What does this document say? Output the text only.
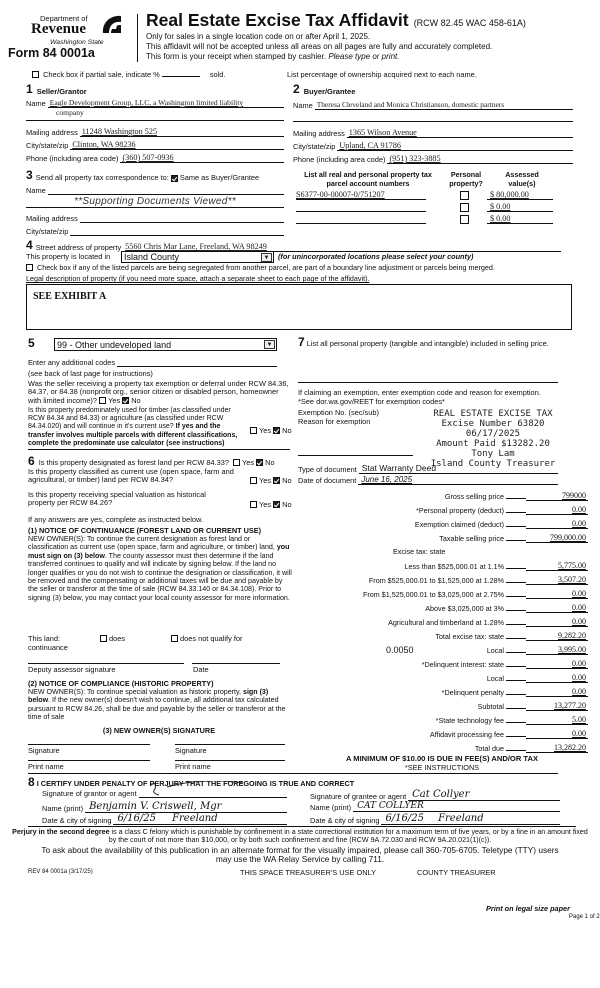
Department of
Revenue
Washington State
Form 84 0001a
Real Estate Excise Tax Affidavit (RCW 82.45 WAC 458-61A)
Only for sales in a single location code on or after April 1, 2025.
This affidavit will not be accepted unless all areas on all pages are fully and accurately completed.
This form is your receipt when stamped by cashier. Please type or print.
Check box if partial sale, indicate %	sold.	List percentage of ownership acquired next to each name.
1 Seller/Grantor
Name Eagle Development Group, LLC, a Washington limited liability
company
Mailing address 11248 Washington 525
City/state/zip Clinton, WA 98236
Phone (including area code) (360) 507-0936
3 Send all property tax correspondence to: Same as Buyer/Grantee
Name
**Supporting Documents Viewed**
Mailing address
City/state/zip
2 Buyer/Grantee
Name Theresa Cleveland and Monica Christianson, domestic partners
Mailing address 1365 Wilson Avenue
City/state/zip Upland, CA 91786
Phone (including area code) (951) 323-3885
List all real and personal property tax parcel account numbers
Personal property?
Assessed value(s)
S6377-00-00007-0/751207	$ 80,000.00
$ 0.00
$ 0.00
4 Street address of property 5560 Chris Mar Lane, Freeland, WA 98249
This property is located in Island County	▼	(for unincorporated locations please select your county)
Check box if any of the listed parcels are being segregated from another parcel, are part of a boundary line adjustment or parcels being merged.
Legal description of property (if you need more space, attach a separate sheet to each page of the affidavit).
SEE EXHIBIT A
5 99 - Other undeveloped land	▼
Enter any additional codes
(see back of last page for instructions)
Was the seller receiving a property tax exemption or deferral under RCW 84.36, 84.37, or 84.38 (nonprofit org., senior citizen or disabled person, homeowner with limited income)? Yes No
Is this property predominately used for timber (as classified under RCW 84.34 and 84.33) or agriculture (as classified under RCW 84.34.020) and will continue in it's current use? If yes and the transfer involves multiple parcels with different classifications, complete the predominate use calculator (see instructions)
Yes No
6 Is this property designated as forest land per RCW 84.33? Yes No
Is this property classified as current use (open space, farm and agricultural, or timber) land per RCW 84.34?	Yes No
Is this property receiving special valuation as historical property per RCW 84.26?	Yes No
If any answers are yes, complete as instructed below.
(1) NOTICE OF CONTINUANCE (FOREST LAND OR CURRENT USE)
NEW OWNER(S): To continue the current designation as forest land or classification as current use (open space, farm and agriculture, or timber) land, you must sign on (3) below. The county assessor must then determine if the land transferred continues to qualify and will indicate by signing below. If the land no longer qualifies or you do not wish to continue the designation or classification, it will be removed and the compensating or additional taxes will be due and payable by the seller or transferor at the time of sale (RCW 84.33.140 or 84.34.108). Prior to signing (3) below, you may contact your local county assessor for more information.
This land:	does	does not qualify for
continuance
Deputy assessor signature	Date
(2) NOTICE OF COMPLIANCE (HISTORIC PROPERTY)
NEW OWNER(S): To continue special valuation as historic property, sign (3) below. If the new owner(s) doesn't wish to continue, all additional tax calculated pursuant to RCW 84.26, shall be due and payable by the seller or transferor at the time of sale
(3) NEW OWNER(S) SIGNATURE
Signature	Signature
Print name	Print name
7 List all personal property (tangible and intangible) included in selling price.
If claiming an exemption, enter exemption code and reason for exemption. *See dor.wa.gov/REET for exemption codes*
Exemption No. (sec/sub)
Reason for exemption
REAL ESTATE EXCISE TAX
Excise Number 63820
06/17/2025
Amount Paid $13282.20
Tony Lam
Island County Treasurer
Type of document Stat Warranty Deed
Date of document June 16, 2025
Gross selling price	799000
*Personal property (deduct)	0.00
Exemption claimed (deduct)	0.00
Taxable selling price	799,000.00
Excise tax: state
Less than $525,000.01 at 1.1%	5,775.00
From $525,000.01 to $1,525,000 at 1.28%	3,507.20
From $1,525,000.01 to $3,025,000 at 2.75%	0.00
Above $3,025,000 at 3%	0.00
Agricultural and timberland at 1.28%	0.00
Total excise tax: state	9,282.20
0.0050	Local	3,995.00
*Delinquent interest: state	0.00
Local	0.00
*Delinquent penalty	0.00
Subtotal	13,277.20
*State technology fee	5.00
Affidavit processing fee	0.00
Total due	13,282.20
A MINIMUM OF $10.00 IS DUE IN FEE(S) AND/OR TAX
*SEE INSTRUCTIONS
8 I CERTIFY UNDER PENALTY OF PERJURY THAT THE FOREGOING IS TRUE AND CORRECT
Signature of grantor or agent
Name (print) Benjamin V. Criswell, Mgr
Date & city of signing 6/16/25 Freeland
Signature of grantee or agent Cat Collyer
Name (print) CAT COLLYER
Date & city of signing 6/16/25 Freeland
Perjury in the second degree is a class C felony which is punishable by confinement in a state correctional institution for a maximum term of five years, or by a fine in an amount fixed by the court of not more than $10,000, or by both such confinement and fine (RCW 9A.72.030 and RCW 9A.20.021(1)(c)).
To ask about the availability of this publication in an alternate format for the visually impaired, please call 360-705-6705. Teletype (TTY) users may use the WA Relay Service by calling 711.
REV 84 0001a (3/17/25)	THIS SPACE TREASURER'S USE ONLY	COUNTY TREASURER
Print on legal size paper
Page 1 of 2
